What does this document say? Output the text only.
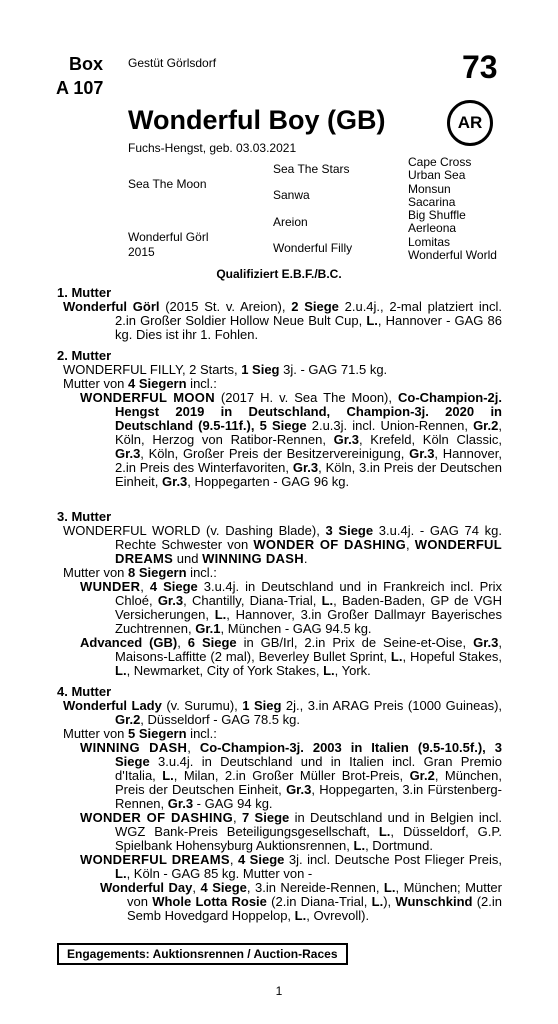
Box
A 107
Gestüt Görlsdorf	73
Wonderful Boy (GB)	AR
Fuchs-Hengst, geb. 03.03.2021
Sea The Moon
Wonderful Görl
2015
Sea The Stars
Sanwa
Areion
Wonderful Filly
Cape Cross
Urban Sea
Monsun
Sacarina
Big Shuffle
Aerleona
Lomitas
Wonderful World
Qualifiziert E.B.F./B.C.

1. Mutter

Wonderful Görl (2015 St. v. Areion), 2 Siege 2.u.4j., 2-mal platziert incl. 2.in Großer Soldier Hollow Neue Bult Cup, L., Hannover - GAG 86 kg. Dies ist ihr 1. Fohlen.

2. Mutter

WONDERFUL FILLY, 2 Starts, 1 Sieg 3j. - GAG 71.5 kg.

Mutter von 4 Siegern incl.:

WONDERFUL MOON (2017 H. v. Sea The Moon), Co-Champion-2j. Hengst 2019 in Deutschland, Champion-3j. 2020 in Deutschland (9.5-11f.), 5 Siege 2.u.3j. incl. Union-Rennen, Gr.2, Köln, Herzog von Ratibor-Rennen, Gr.3, Krefeld, Köln Classic, Gr.3, Köln, Großer Preis der Besitzervereinigung, Gr.3, Hannover, 2.in Preis des Winterfavoriten, Gr.3, Köln, 3.in Preis der Deutschen Einheit, Gr.3, Hoppegarten - GAG 96 kg.

3. Mutter

WONDERFUL WORLD (v. Dashing Blade), 3 Siege 3.u.4j. - GAG 74 kg. Rechte Schwester von WONDER OF DASHING, WONDERFUL DREAMS und WINNING DASH.

Mutter von 8 Siegern incl.:

WUNDER, 4 Siege 3.u.4j. in Deutschland und in Frankreich incl. Prix Chloé, Gr.3, Chantilly, Diana-Trial, L., Baden-Baden, GP de VGH Versicherungen, L., Hannover, 3.in Großer Dallmayr Bayerisches Zuchtrennen, Gr.1, München - GAG 94.5 kg.

Advanced (GB), 6 Siege in GB/Irl, 2.in Prix de Seine-et-Oise, Gr.3, Maisons-Laffitte (2 mal), Beverley Bullet Sprint, L., Hopeful Stakes, L., Newmarket, City of York Stakes, L., York.

4. Mutter

Wonderful Lady (v. Surumu), 1 Sieg 2j., 3.in ARAG Preis (1000 Guineas), Gr.2, Düsseldorf - GAG 78.5 kg.

Mutter von 5 Siegern incl.:

WINNING DASH, Co-Champion-3j. 2003 in Italien (9.5-10.5f.), 3 Siege 3.u.4j. in Deutschland und in Italien incl. Gran Premio d'Italia, L., Milan, 2.in Großer Müller Brot-Preis, Gr.2, München, Preis der Deutschen Einheit, Gr.3, Hoppegarten, 3.in Fürstenberg-Rennen, Gr.3 - GAG 94 kg.

WONDER OF DASHING, 7 Siege in Deutschland und in Belgien incl. WGZ Bank-Preis Beteiligungsgesellschaft, L., Düsseldorf, G.P. Spielbank Hohensyburg Auktionsrennen, L., Dortmund.

WONDERFUL DREAMS, 4 Siege 3j. incl. Deutsche Post Flieger Preis, L., Köln - GAG 85 kg. Mutter von -

Wonderful Day, 4 Siege, 3.in Nereide-Rennen, L., München; Mutter von Whole Lotta Rosie (2.in Diana-Trial, L.), Wunschkind (2.in Semb Hovedgard Hoppelop, L., Ovrevoll).

Engagements: Auktionsrennen / Auction-Races
1
